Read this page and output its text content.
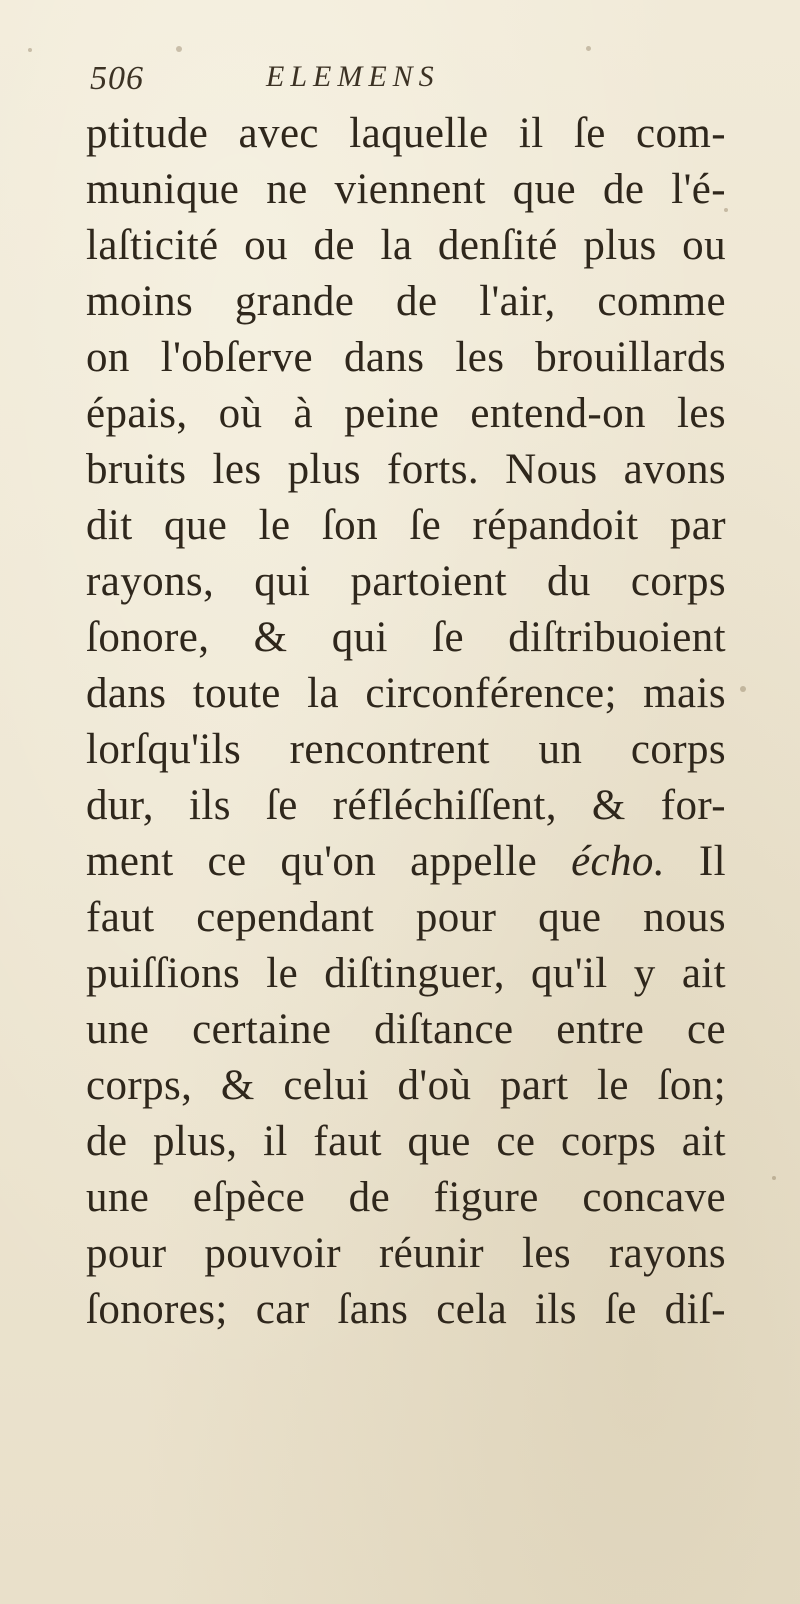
506	ELEMENS
ptitude avec laquelle il ſe com-
munique ne viennent que de l'é-
laſticité ou de la denſité plus ou
moins grande de l'air, comme
on l'obſerve dans les brouillards
épais, où à peine entend-on les
bruits les plus forts. Nous avons
dit que le ſon ſe répandoit par
rayons, qui partoient du corps
ſonore, & qui ſe diſtribuoient
dans toute la circonférence; mais
lorſqu'ils rencontrent un corps
dur, ils ſe réfléchiſſent, & for-
ment ce qu'on appelle écho. Il
faut cependant pour que nous
puiſſions le diſtinguer, qu'il y ait
une certaine diſtance entre ce
corps, & celui d'où part le ſon;
de plus, il faut que ce corps ait
une eſpèce de figure concave
pour pouvoir réunir les rayons
ſonores; car ſans cela ils ſe diſ-
